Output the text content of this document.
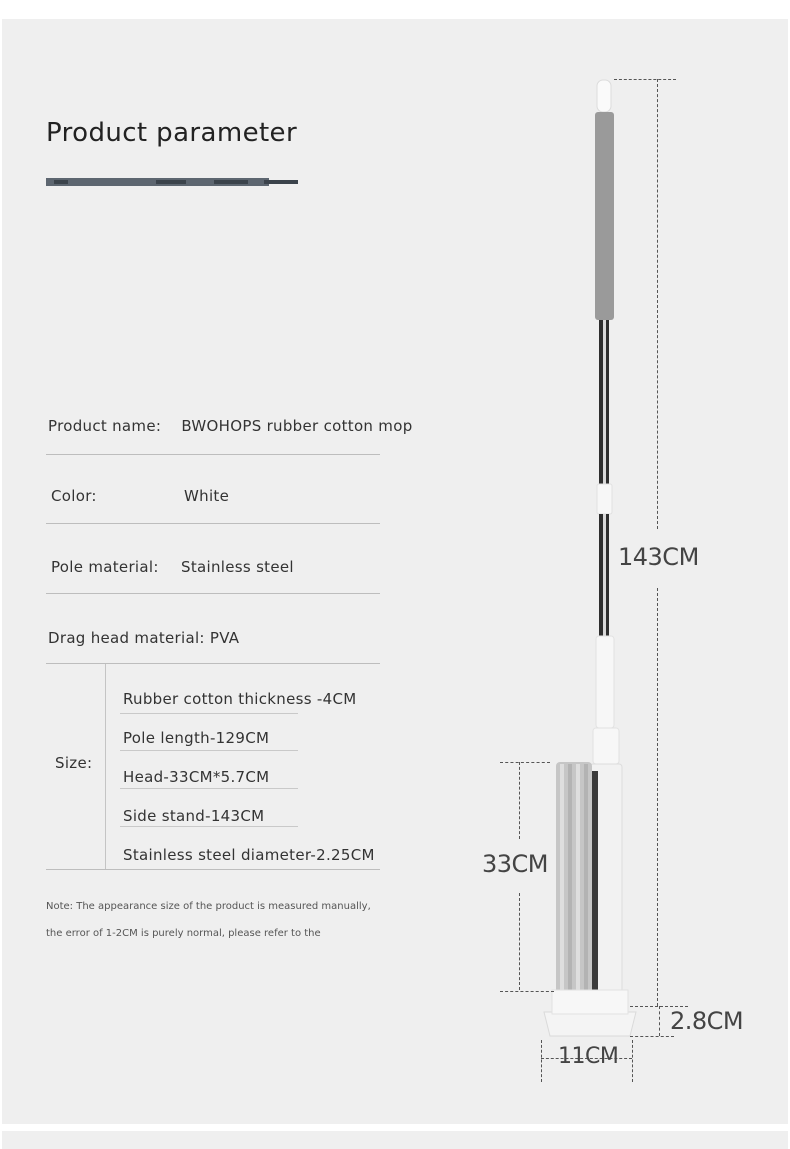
Product parameter
Product name: BWOHOPS rubber cotton mop
Color:	White
Pole material: Stainless steel
Drag head material: PVA
Size:
Rubber cotton thickness -4CM
Pole length-129CM
Head-33CM*5.7CM
Side stand-143CM
Stainless steel diameter-2.25CM
Note: The appearance size of the product is measured manually,
the error of 1-2CM is purely normal, please refer to the
143CM
33CM
2.8CM
11CM
